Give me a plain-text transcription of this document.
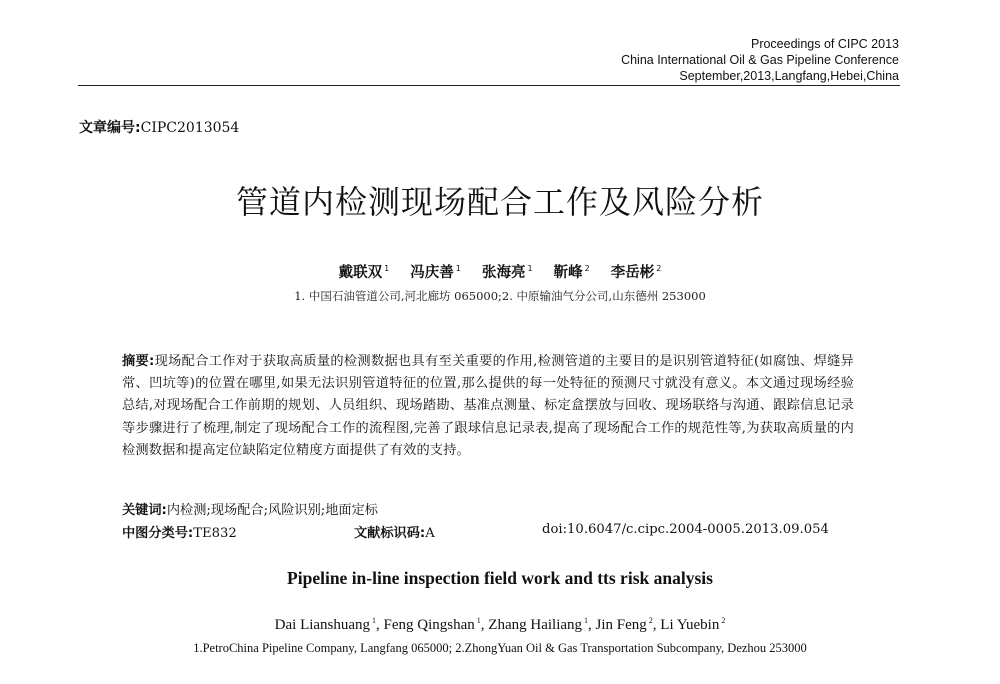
Proceedings of CIPC 2013
China International Oil & Gas Pipeline Conference
September,2013,Langfang,Hebei,China
文章编号:CIPC2013054
管道内检测现场配合工作及风险分析
戴联双 $^1$ 冯庆善 $^1$ 张海亮 $^1$ 靳峰 $^2$ 李岳彬 $^2$
1. 中国石油管道公司,河北廊坊 065000;2. 中原输油气分公司,山东德州 253000
摘要:现场配合工作对于获取高质量的检测数据也具有至关重要的作用,检测管道的主要目的是识别管道特征(如腐蚀、焊缝异常、凹坑等)的位置在哪里,如果无法识别管道特征的位置,那么提供的每一处特征的预测尺寸就没有意义。本文通过现场经验总结,对现场配合工作前期的规划、人员组织、现场踏勘、基准点测量、标定盒摆放与回收、现场联络与沟通、跟踪信息记录等步骤进行了梳理,制定了现场配合工作的流程图,完善了跟球信息记录表,提高了现场配合工作的规范性等,为获取高质量的内检测数据和提高定位缺陷定位精度方面提供了有效的支持。
关键词:内检测;现场配合;风险识别;地面定标
中图分类号:TE832	文献标识码:A	doi:10.6047/c.cipc.2004-0005.2013.09.054
Pipeline in-line inspection field work and tts risk analysis
Dai Lianshuang $^1$, Feng Qingshan $^1$, Zhang Hailiang $^1$, Jin Feng $^2$, Li Yuebin $^2$
1.PetroChina Pipeline Company, Langfang 065000; 2.ZhongYuan Oil & Gas Transportation Subcompany, Dezhou 253000
